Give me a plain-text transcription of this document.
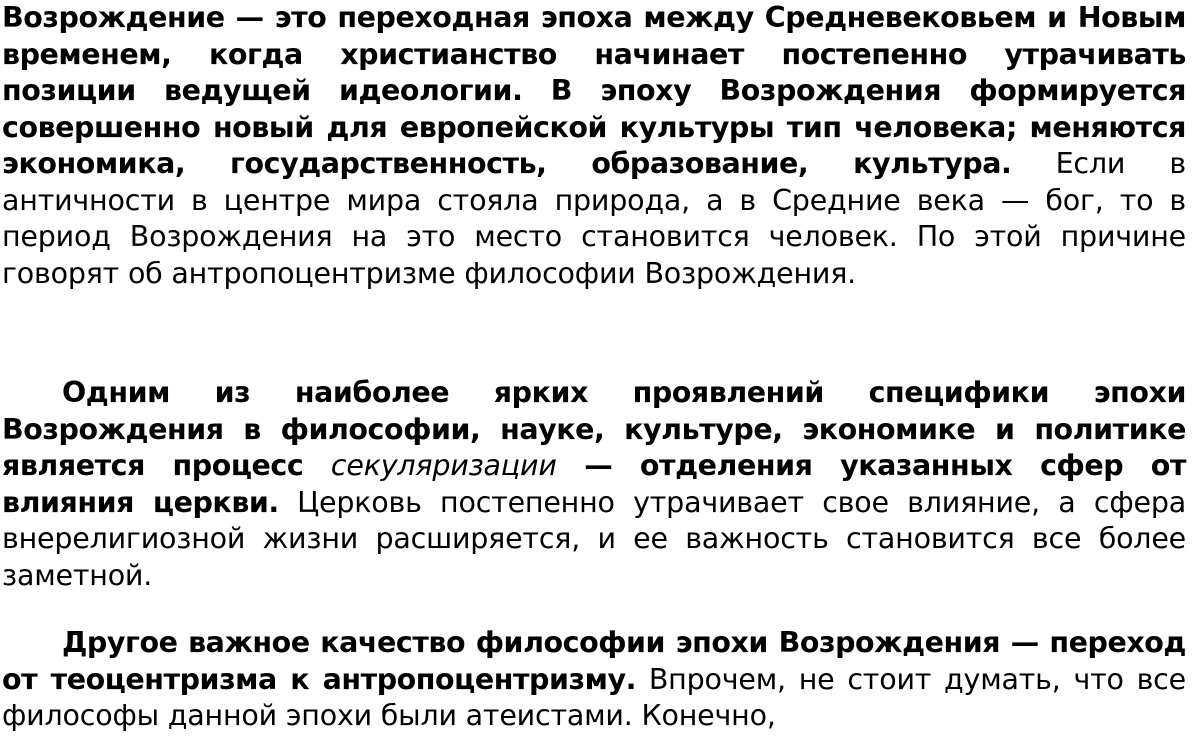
Возрождение — это переходная эпоха между Средневековьем и Новым временем, когда христианство начинает постепенно утрачивать позиции ведущей идеологии. В эпоху Возрождения формируется совершенно новый для европейской культуры тип человека; меняются экономика, государственность, образование, культура. Если в античности в центре мира стояла природа, а в Средние века — бог, то в период Возрождения на это место становится человек. По этой причине говорят об антропоцентризме философии Возрождения.

Одним из наиболее ярких проявлений специфики эпохи Возрождения в философии, науке, культуре, экономике и политике является процесс секуляризации — отделения указанных сфер от влияния церкви. Церковь постепенно утрачивает свое влияние, а сфера внерелигиозной жизни расширяется, и ее важность становится все более заметной.

Другое важное качество философии эпохи Возрождения — переход от теоцентризма к антропоцентризму. Впрочем, не стоит думать, что все философы данной эпохи были атеистами. Конечно,
